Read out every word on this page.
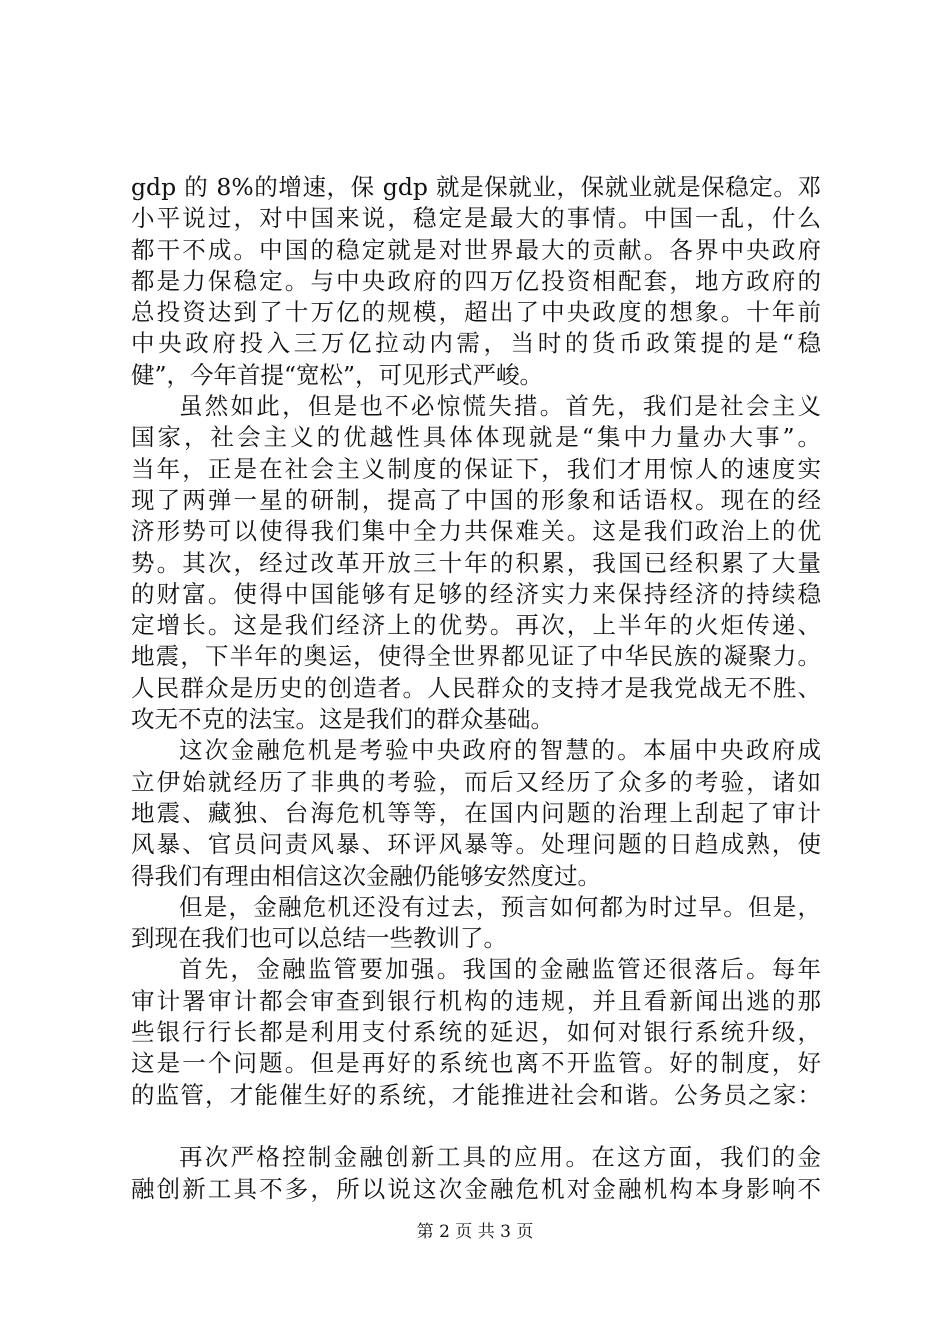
gdp 的 8%的增速，保 gdp 就是保就业，保就业就是保稳定。邓
小平说过，对中国来说，稳定是最大的事情。中国一乱，什么
都干不成。中国的稳定就是对世界最大的贡献。各界中央政府
都是力保稳定。与中央政府的四万亿投资相配套，地方政府的
总投资达到了十万亿的规模，超出了中央政度的想象。十年前
中央政府投入三万亿拉动内需，当时的货币政策提的是“稳
健”，今年首提“宽松”，可见形式严峻。
虽然如此，但是也不必惊慌失措。首先，我们是社会主义
国家，社会主义的优越性具体体现就是“集中力量办大事”。
当年，正是在社会主义制度的保证下，我们才用惊人的速度实
现了两弹一星的研制，提高了中国的形象和话语权。现在的经
济形势可以使得我们集中全力共保难关。这是我们政治上的优
势。其次，经过改革开放三十年的积累，我国已经积累了大量
的财富。使得中国能够有足够的经济实力来保持经济的持续稳
定增长。这是我们经济上的优势。再次，上半年的火炬传递、
地震，下半年的奥运，使得全世界都见证了中华民族的凝聚力。
人民群众是历史的创造者。人民群众的支持才是我党战无不胜、
攻无不克的法宝。这是我们的群众基础。
这次金融危机是考验中央政府的智慧的。本届中央政府成
立伊始就经历了非典的考验，而后又经历了众多的考验，诸如
地震、藏独、台海危机等等，在国内问题的治理上刮起了审计
风暴、官员问责风暴、环评风暴等。处理问题的日趋成熟，使
得我们有理由相信这次金融仍能够安然度过。
但是，金融危机还没有过去，预言如何都为时过早。但是，
到现在我们也可以总结一些教训了。
首先，金融监管要加强。我国的金融监管还很落后。每年
审计署审计都会审查到银行机构的违规，并且看新闻出逃的那
些银行行长都是利用支付系统的延迟，如何对银行系统升级，
这是一个问题。但是再好的系统也离不开监管。好的制度，好
的监管，才能催生好的系统，才能推进社会和谐。公务员之家：
再次严格控制金融创新工具的应用。在这方面，我们的金
融创新工具不多，所以说这次金融危机对金融机构本身影响不
第 2 页 共 3 页
